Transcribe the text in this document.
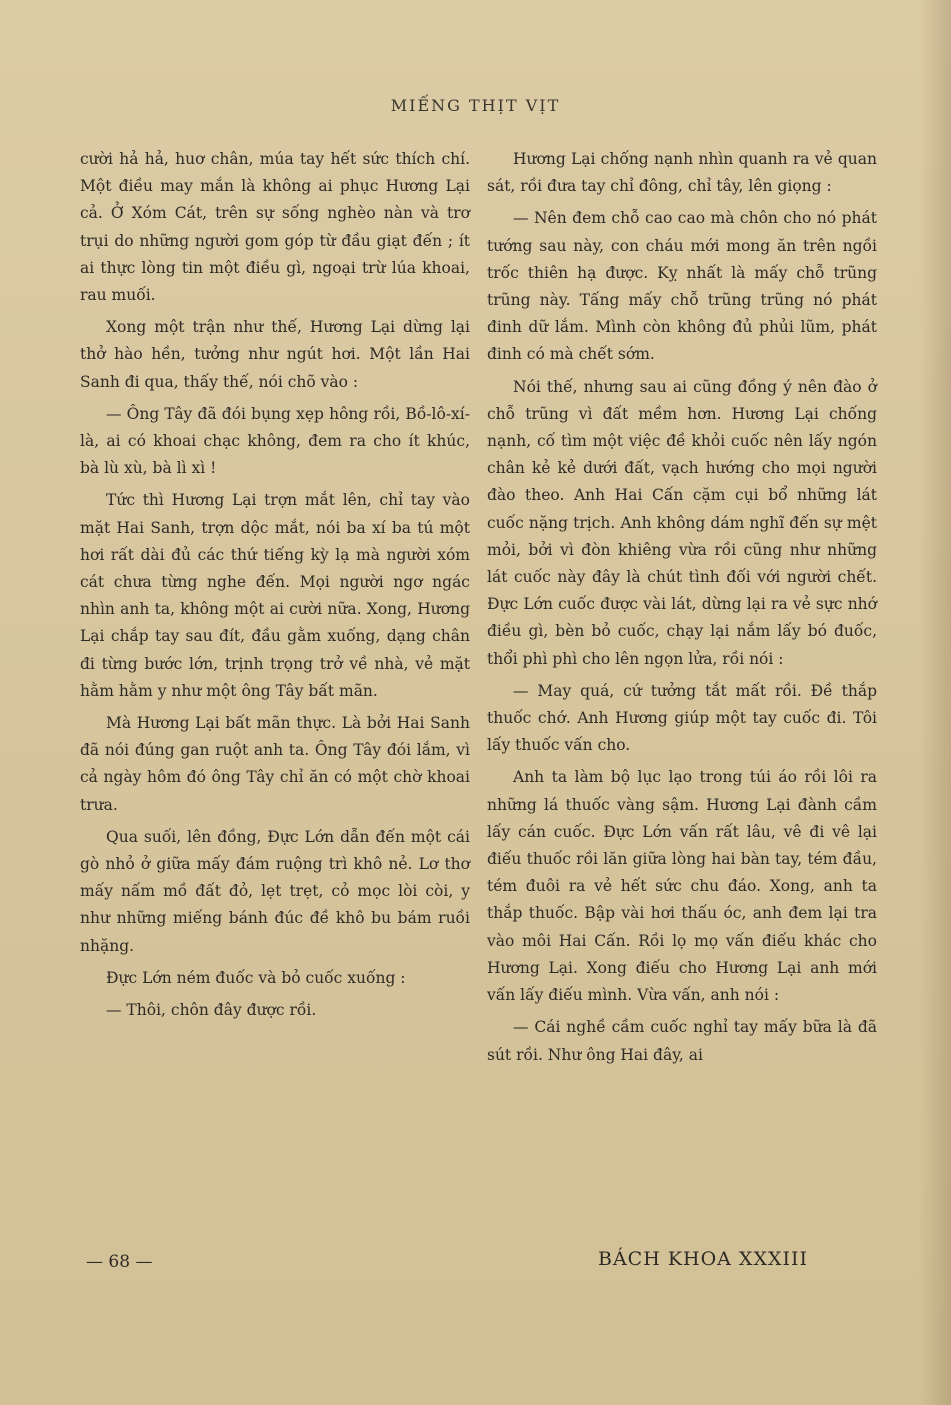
MIẾNG THỊT VỊT

cười hả hả, huơ chân, múa tay hết sức thích chí. Một điều may mắn là không ai phục Hương Lại cả. Ở Xóm Cát, trên sự sống nghèo nàn và trơ trụi do những người gom góp từ đầu giạt đến ; ít ai thực lòng tin một điều gì, ngoại trừ lúa khoai, rau muối.

Xong một trận như thế, Hương Lại dừng lại thở hào hền, tưởng như ngút hơi. Một lần Hai Sanh đi qua, thấy thế, nói chõ vào :

— Ông Tây đã đói bụng xẹp hông rồi, Bồ-lô-xí-là, ai có khoai chạc không, đem ra cho ít khúc, bà lù xù, bà lì xì !

Tức thì Hương Lại trợn mắt lên, chỉ tay vào mặt Hai Sanh, trợn dộc mắt, nói ba xí ba tú một hơi rất dài đủ các thứ tiếng kỳ lạ mà người xóm cát chưa từng nghe đến. Mọi người ngơ ngác nhìn anh ta, không một ai cười nữa. Xong, Hương Lại chắp tay sau đít, đầu gằm xuống, dạng chân đi từng bước lớn, trịnh trọng trở về nhà, vẻ mặt hằm hằm y như một ông Tây bất mãn.

Mà Hương Lại bất mãn thực. Là bởi Hai Sanh đã nói đúng gan ruột anh ta. Ông Tây đói lắm, vì cả ngày hôm đó ông Tây chỉ ăn có một chờ khoai trưa.

Qua suối, lên đồng, Đực Lớn dẫn đến một cái gò nhỏ ở giữa mấy đám ruộng trì khô nẻ. Lơ thơ mấy nấm mồ đất đỏ, lẹt trẹt, cỏ mọc lòi còi, y như những miếng bánh đúc đề khô bu bám ruồi nhặng.

Đực Lớn ném đuốc và bỏ cuốc xuống :

— Thôi, chôn đây được rồi.

Hương Lại chống nạnh nhìn quanh ra vẻ quan sát, rồi đưa tay chỉ đông, chỉ tây, lên giọng :

— Nên đem chỗ cao cao mà chôn cho nó phát tướng sau này, con cháu mới mong ăn trên ngồi trốc thiên hạ được. Kỵ nhất là mấy chỗ trũng trũng này. Tấng mấy chỗ trũng trũng nó phát đinh dữ lắm. Mình còn không đủ phủi lũm, phát đinh có mà chết sớm.

Nói thế, nhưng sau ai cũng đồng ý nên đào ở chỗ trũng vì đất mềm hơn. Hương Lại chống nạnh, cố tìm một việc đề khỏi cuốc nên lấy ngón chân kẻ kẻ dưới đất, vạch hướng cho mọi người đào theo. Anh Hai Cấn cặm cụi bổ những lát cuốc nặng trịch. Anh không dám nghĩ đến sự mệt mỏi, bởi vì đòn khiêng vừa rồi cũng như những lát cuốc này đây là chút tình đối với người chết. Đực Lớn cuốc được vài lát, dừng lại ra vẻ sực nhớ điều gì, bèn bỏ cuốc, chạy lại nắm lấy bó đuốc, thổi phì phì cho lên ngọn lửa, rồi nói :

— May quá, cứ tưởng tắt mất rồi. Đề thắp thuốc chớ. Anh Hương giúp một tay cuốc đi. Tôi lấy thuốc vấn cho.

Anh ta làm bộ lục lạo trong túi áo rồi lôi ra những lá thuốc vàng sậm. Hương Lại đành cầm lấy cán cuốc. Đực Lớn vấn rất lâu, vê đi vê lại điếu thuốc rồi lăn giữa lòng hai bàn tay, tém đầu, tém đuôi ra vẻ hết sức chu đáo. Xong, anh ta thắp thuốc. Bập vài hơi thấu óc, anh đem lại tra vào môi Hai Cấn. Rồi lọ mọ vấn điếu khác cho Hương Lại. Xong điếu cho Hương Lại anh mới vấn lấy điếu mình. Vừa vấn, anh nói :

— Cái nghề cầm cuốc nghỉ tay mấy bữa là đã sút rồi. Như ông Hai đây, ai

— 68 —	BÁCH KHOA XXXIII
